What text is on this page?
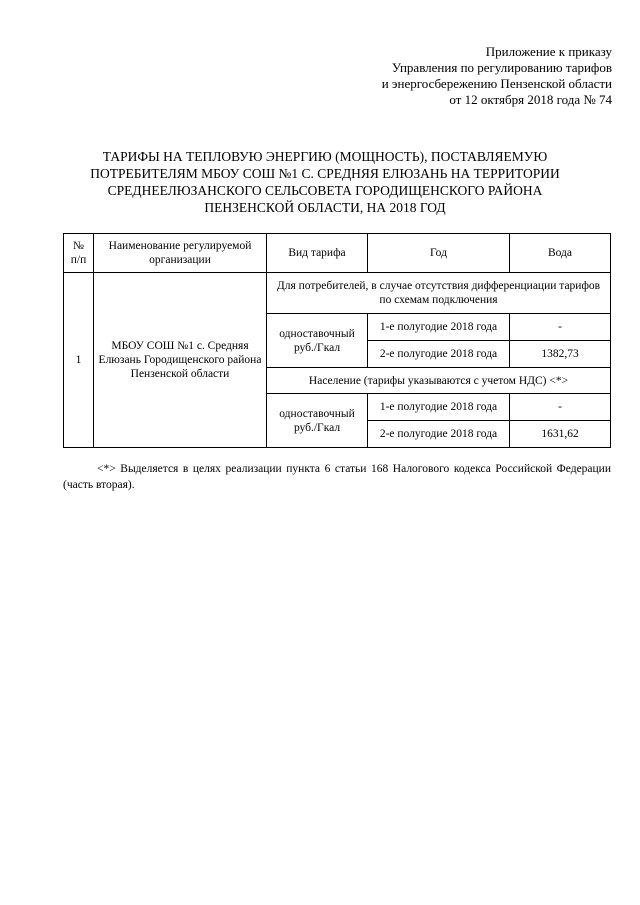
Приложение к приказу
Управления по регулированию тарифов
и энергосбережению Пензенской области
от 12 октября 2018 года № 74
ТАРИФЫ НА ТЕПЛОВУЮ ЭНЕРГИЮ (МОЩНОСТЬ), ПОСТАВЛЯЕМУЮ
ПОТРЕБИТЕЛЯМ МБОУ СОШ №1 С. СРЕДНЯЯ ЕЛЮЗАНЬ НА ТЕРРИТОРИИ
СРЕДНЕЕЛЮЗАНСКОГО СЕЛЬСОВЕТА ГОРОДИЩЕНСКОГО РАЙОНА
ПЕНЗЕНСКОЙ ОБЛАСТИ, НА 2018 ГОД
№
п/п	Наименование регулируемой организации	Вид тарифа	Год	Вода
1	МБОУ СОШ №1 с. Средняя Елюзань Городищенского района Пензенской области	Для потребителей, в случае отсутствия дифференциации тарифов по схемам подключения		
		одноставочный руб./Гкал	1-е полугодие 2018 года	-
			2-е полугодие 2018 года	1382,73
		Население (тарифы указываются с учетом НДС) <*>		
		одноставочный руб./Гкал	1-е полугодие 2018 года	-
			2-е полугодие 2018 года	1631,62
<*> Выделяется в целях реализации пункта 6 статьи 168 Налогового кодекса Российской Федерации (часть вторая).
